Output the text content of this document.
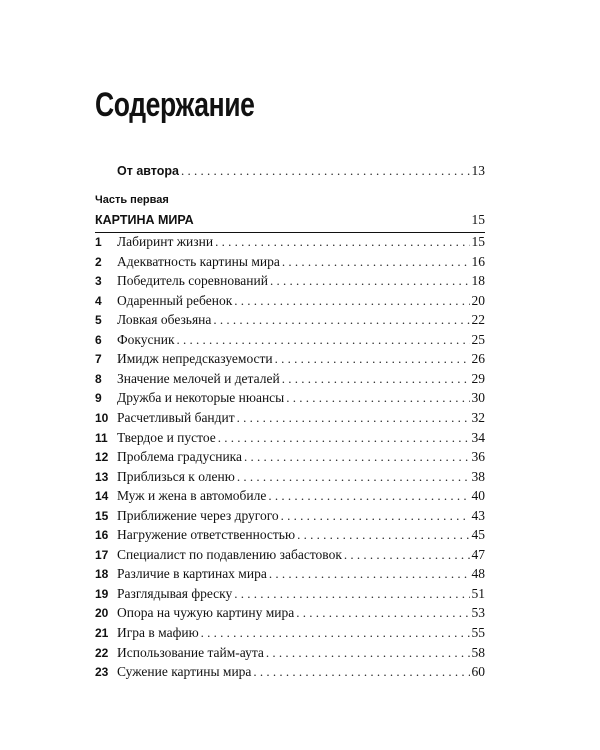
Содержание
От автора . . .	13
Часть первая
КАРТИНА МИРА	15
1	Лабиринт жизни . . .	15
2	Адекватность картины мира . . .	16
3	Победитель соревнований . . .	18
4	Одаренный ребенок . . .	20
5	Ловкая обезьяна . . .	22
6	Фокусник . . .	25
7	Имидж непредсказуемости . . .	26
8	Значение мелочей и деталей . . .	29
9	Дружба и некоторые нюансы . . .	30
10 Расчетливый бандит . . .	32
11 Твердое и пустое . . .	34
12 Проблема градусника . . .	36
13 Приблизься к оленю . . .	38
14 Муж и жена в автомобиле . . .	40
15 Приближение через другого . . .	43
16 Нагружение ответственностью . . .	45
17 Специалист по подавлению забастовок . . .	47
18 Различие в картинах мира . . .	48
19 Разглядывая фреску . . .	51
20 Опора на чужую картину мира . . .	53
21 Игра в мафию . . .	55
22 Использование тайм-аута . . .	58
23 Сужение картины мира . . .	60
